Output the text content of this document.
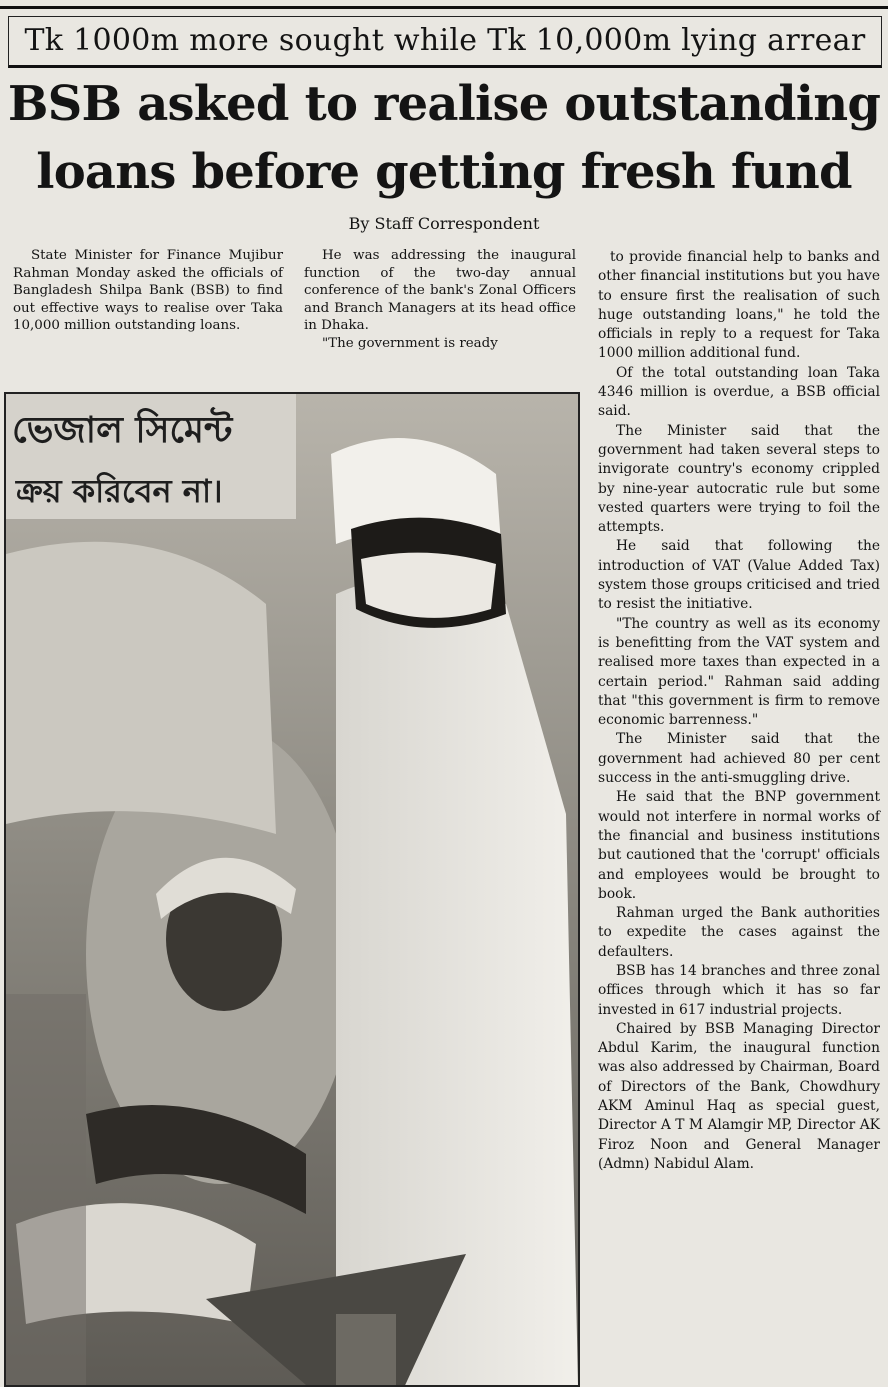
Tk 1000m more sought while Tk 10,000m lying arrear
BSB asked to realise outstanding
loans before getting fresh fund
By Staff Correspondent

State Minister for Finance Mujibur Rahman Monday asked the officials of Bangladesh Shilpa Bank (BSB) to find out effective ways to realise over Taka 10,000 million outstanding loans.

He was addressing the inaugural function of the two-day annual conference of the bank's Zonal Officers and Branch Managers at its head office in Dhaka.

"The government is ready

to provide financial help to banks and other financial institutions but you have to ensure first the realisation of such huge outstanding loans," he told the officials in reply to a request for Taka 1000 million additional fund.

Of the total outstanding loan Taka 4346 million is overdue, a BSB official said.

The Minister said that the government had taken several steps to invigorate country's economy crippled by nine-year autocratic rule but some vested quarters were trying to foil the attempts.

He said that following the introduction of VAT (Value Added Tax) system those groups criticised and tried to resist the initiative.

"The country as well as its economy is benefitting from the VAT system and realised more taxes than expected in a certain period." Rahman said adding that "this government is firm to remove economic barrenness."

The Minister said that the government had achieved 80 per cent success in the anti-smuggling drive.

He said that the BNP government would not interfere in normal works of the financial and business institutions but cautioned that the 'corrupt' officials and employees would be brought to book.

Rahman urged the Bank authorities to expedite the cases against the defaulters.

BSB has 14 branches and three zonal offices through which it has so far invested in 617 industrial projects.

Chaired by BSB Managing Director Abdul Karim, the inaugural function was also addressed by Chairman, Board of Directors of the Bank, Chowdhury AKM Aminul Haq as special guest, Director A T M Alamgir MP, Director AK Firoz Noon and General Manager (Admn) Nabidul Alam.

ভেজাল সিমেন্ট
ক্রয় করিবেন না।
